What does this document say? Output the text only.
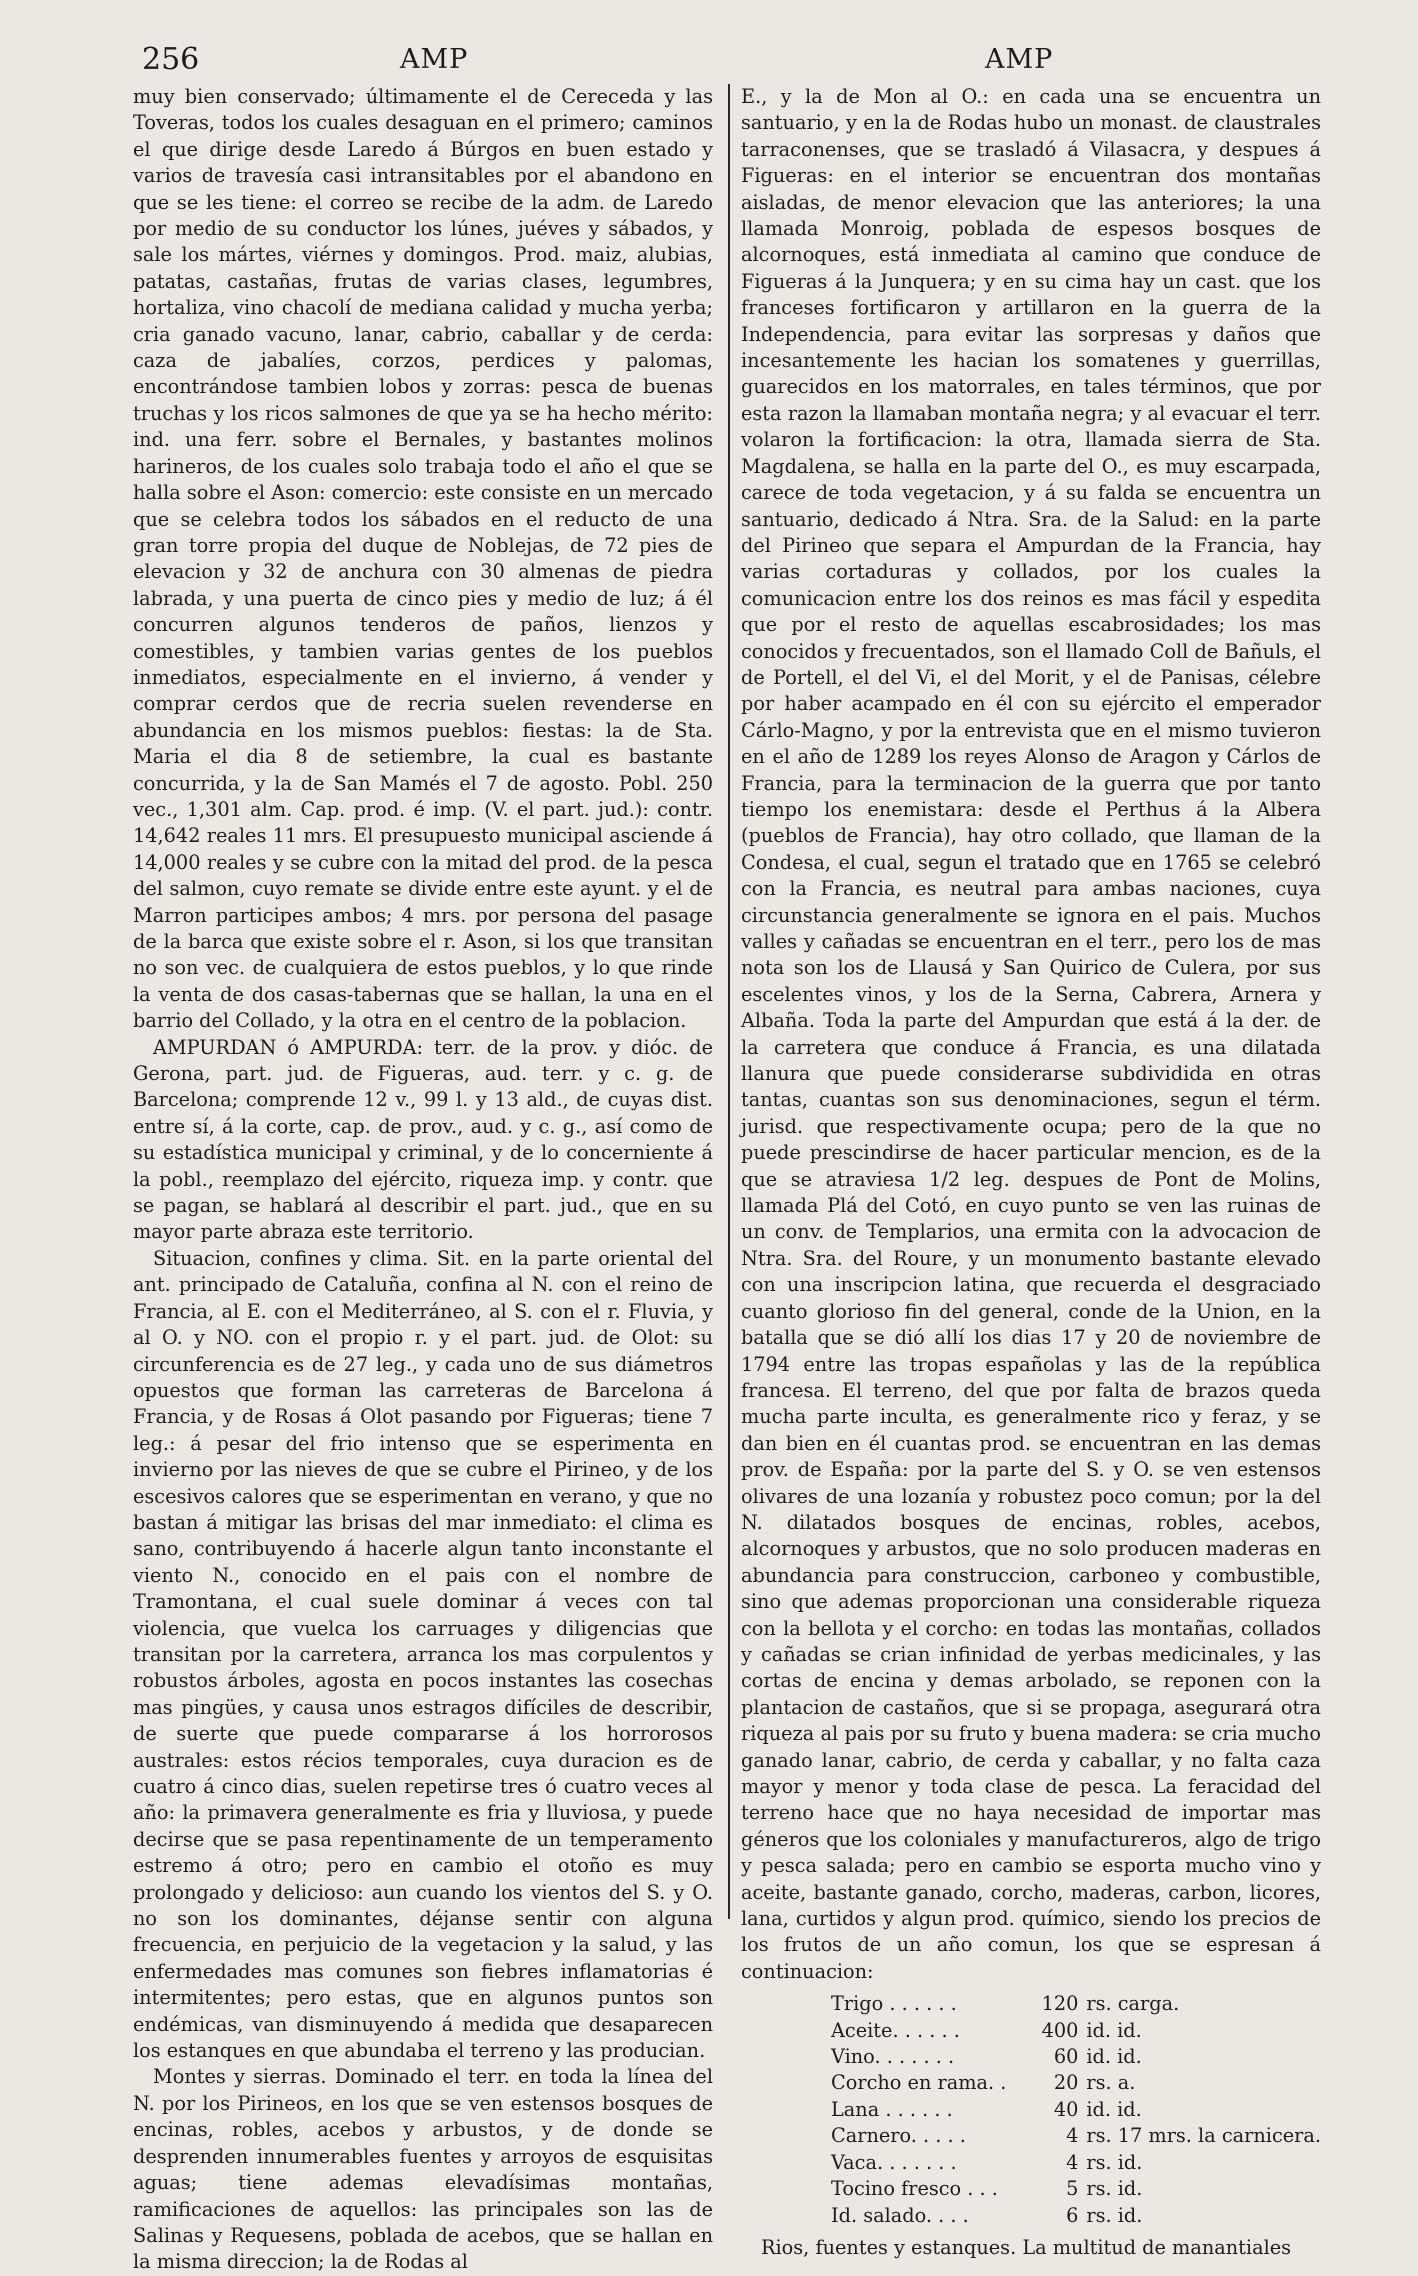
256	AMP	AMP

muy bien conservado; últimamente el de Cereceda y las Toveras, todos los cuales desaguan en el primero; caminos el que dirige desde Laredo á Búrgos en buen estado y varios de travesía casi intransitables por el abandono en que se les tiene: el correo se recibe de la adm. de Laredo por medio de su conductor los lúnes, juéves y sábados, y sale los mártes, viérnes y domingos. Prod. maiz, alubias, patatas, castañas, frutas de varias clases, legumbres, hortaliza, vino chacolí de mediana calidad y mucha yerba; cria ganado vacuno, lanar, cabrio, caballar y de cerda: caza de jabalíes, corzos, perdices y palomas, encontrándose tambien lobos y zorras: pesca de buenas truchas y los ricos salmones de que ya se ha hecho mérito: ind. una ferr. sobre el Bernales, y bastantes molinos harineros, de los cuales solo trabaja todo el año el que se halla sobre el Ason: comercio: este consiste en un mercado que se celebra todos los sábados en el reducto de una gran torre propia del duque de Noblejas, de 72 pies de elevacion y 32 de anchura con 30 almenas de piedra labrada, y una puerta de cinco pies y medio de luz; á él concurren algunos tenderos de paños, lienzos y comestibles, y tambien varias gentes de los pueblos inmediatos, especialmente en el invierno, á vender y comprar cerdos que de recria suelen revenderse en abundancia en los mismos pueblos: fiestas: la de Sta. Maria el dia 8 de setiembre, la cual es bastante concurrida, y la de San Mamés el 7 de agosto. Pobl. 250 vec., 1,301 alm. Cap. prod. é imp. (V. el part. jud.): contr. 14,642 reales 11 mrs. El presupuesto municipal asciende á 14,000 reales y se cubre con la mitad del prod. de la pesca del salmon, cuyo remate se divide entre este ayunt. y el de Marron participes ambos; 4 mrs. por persona del pasage de la barca que existe sobre el r. Ason, si los que transitan no son vec. de cualquiera de estos pueblos, y lo que rinde la venta de dos casas-tabernas que se hallan, la una en el barrio del Collado, y la otra en el centro de la poblacion.

AMPURDAN ó AMPURDA: terr. de la prov. y dióc. de Gerona, part. jud. de Figueras, aud. terr. y c. g. de Barcelona; comprende 12 v., 99 l. y 13 ald., de cuyas dist. entre sí, á la corte, cap. de prov., aud. y c. g., así como de su estadística municipal y criminal, y de lo concerniente á la pobl., reemplazo del ejército, riqueza imp. y contr. que se pagan, se hablará al describir el part. jud., que en su mayor parte abraza este territorio.

Situacion, confines y clima. Sit. en la parte oriental del ant. principado de Cataluña, confina al N. con el reino de Francia, al E. con el Mediterráneo, al S. con el r. Fluvia, y al O. y NO. con el propio r. y el part. jud. de Olot: su circunferencia es de 27 leg., y cada uno de sus diámetros opuestos que forman las carreteras de Barcelona á Francia, y de Rosas á Olot pasando por Figueras; tiene 7 leg.: á pesar del frio intenso que se esperimenta en invierno por las nieves de que se cubre el Pirineo, y de los escesivos calores que se esperimentan en verano, y que no bastan á mitigar las brisas del mar inmediato: el clima es sano, contribuyendo á hacerle algun tanto inconstante el viento N., conocido en el pais con el nombre de Tramontana, el cual suele dominar á veces con tal violencia, que vuelca los carruages y diligencias que transitan por la carretera, arranca los mas corpulentos y robustos árboles, agosta en pocos instantes las cosechas mas pingües, y causa unos estragos difíciles de describir, de suerte que puede compararse á los horrorosos australes: estos récios temporales, cuya duracion es de cuatro á cinco dias, suelen repetirse tres ó cuatro veces al año: la primavera generalmente es fria y lluviosa, y puede decirse que se pasa repentinamente de un temperamento estremo á otro; pero en cambio el otoño es muy prolongado y delicioso: aun cuando los vientos del S. y O. no son los dominantes, déjanse sentir con alguna frecuencia, en perjuicio de la vegetacion y la salud, y las enfermedades mas comunes son fiebres inflamatorias é intermitentes; pero estas, que en algunos puntos son endémicas, van disminuyendo á medida que desaparecen los estanques en que abundaba el terreno y las producian.

Montes y sierras. Dominado el terr. en toda la línea del N. por los Pirineos, en los que se ven estensos bosques de encinas, robles, acebos y arbustos, y de donde se desprenden innumerables fuentes y arroyos de esquisitas aguas; tiene ademas elevadísimas montañas, ramificaciones de aquellos: las principales son las de Salinas y Requesens, poblada de acebos, que se hallan en la misma direccion; la de Rodas al

E., y la de Mon al O.: en cada una se encuentra un santuario, y en la de Rodas hubo un monast. de claustrales tarraconenses, que se trasladó á Vilasacra, y despues á Figueras: en el interior se encuentran dos montañas aisladas, de menor elevacion que las anteriores; la una llamada Monroig, poblada de espesos bosques de alcornoques, está inmediata al camino que conduce de Figueras á la Junquera; y en su cima hay un cast. que los franceses fortificaron y artillaron en la guerra de la Independencia, para evitar las sorpresas y daños que incesantemente les hacian los somatenes y guerrillas, guarecidos en los matorrales, en tales términos, que por esta razon la llamaban montaña negra; y al evacuar el terr. volaron la fortificacion: la otra, llamada sierra de Sta. Magdalena, se halla en la parte del O., es muy escarpada, carece de toda vegetacion, y á su falda se encuentra un santuario, dedicado á Ntra. Sra. de la Salud: en la parte del Pirineo que separa el Ampurdan de la Francia, hay varias cortaduras y collados, por los cuales la comunicacion entre los dos reinos es mas fácil y espedita que por el resto de aquellas escabrosidades; los mas conocidos y frecuentados, son el llamado Coll de Bañuls, el de Portell, el del Vi, el del Morit, y el de Panisas, célebre por haber acampado en él con su ejército el emperador Cárlo-Magno, y por la entrevista que en el mismo tuvieron en el año de 1289 los reyes Alonso de Aragon y Cárlos de Francia, para la terminacion de la guerra que por tanto tiempo los enemistara: desde el Perthus á la Albera (pueblos de Francia), hay otro collado, que llaman de la Condesa, el cual, segun el tratado que en 1765 se celebró con la Francia, es neutral para ambas naciones, cuya circunstancia generalmente se ignora en el pais. Muchos valles y cañadas se encuentran en el terr., pero los de mas nota son los de Llausá y San Quirico de Culera, por sus escelentes vinos, y los de la Serna, Cabrera, Arnera y Albaña. Toda la parte del Ampurdan que está á la der. de la carretera que conduce á Francia, es una dilatada llanura que puede considerarse subdividida en otras tantas, cuantas son sus denominaciones, segun el térm. jurisd. que respectivamente ocupa; pero de la que no puede prescindirse de hacer particular mencion, es de la que se atraviesa 1/2 leg. despues de Pont de Molins, llamada Plá del Cotó, en cuyo punto se ven las ruinas de un conv. de Templarios, una ermita con la advocacion de Ntra. Sra. del Roure, y un monumento bastante elevado con una inscripcion latina, que recuerda el desgraciado cuanto glorioso fin del general, conde de la Union, en la batalla que se dió allí los dias 17 y 20 de noviembre de 1794 entre las tropas españolas y las de la república francesa. El terreno, del que por falta de brazos queda mucha parte inculta, es generalmente rico y feraz, y se dan bien en él cuantas prod. se encuentran en las demas prov. de España: por la parte del S. y O. se ven estensos olivares de una lozanía y robustez poco comun; por la del N. dilatados bosques de encinas, robles, acebos, alcornoques y arbustos, que no solo producen maderas en abundancia para construccion, carboneo y combustible, sino que ademas proporcionan una considerable riqueza con la bellota y el corcho: en todas las montañas, collados y cañadas se crian infinidad de yerbas medicinales, y las cortas de encina y demas arbolado, se reponen con la plantacion de castaños, que si se propaga, asegurará otra riqueza al pais por su fruto y buena madera: se cria mucho ganado lanar, cabrio, de cerda y caballar, y no falta caza mayor y menor y toda clase de pesca. La feracidad del terreno hace que no haya necesidad de importar mas géneros que los coloniales y manufactureros, algo de trigo y pesca salada; pero en cambio se esporta mucho vino y aceite, bastante ganado, corcho, maderas, carbon, licores, lana, curtidos y algun prod. químico, siendo los precios de los frutos de un año comun, los que se espresan á continuacion:

Trigo . . . . . .	120	rs. carga.
Aceite. . . . . .	400	id. id.
Vino. . . . . . .	60	id. id.
Corcho en rama. .	20	rs. a.
Lana . . . . . .	40	id. id.
Carnero. . . . .	4	rs. 17 mrs. la carnicera.
Vaca. . . . . . .	4	rs. id.
Tocino fresco . . .	5	rs. id.
Id. salado. . . .	6	rs. id.

Rios, fuentes y estanques. La multitud de manantiales
